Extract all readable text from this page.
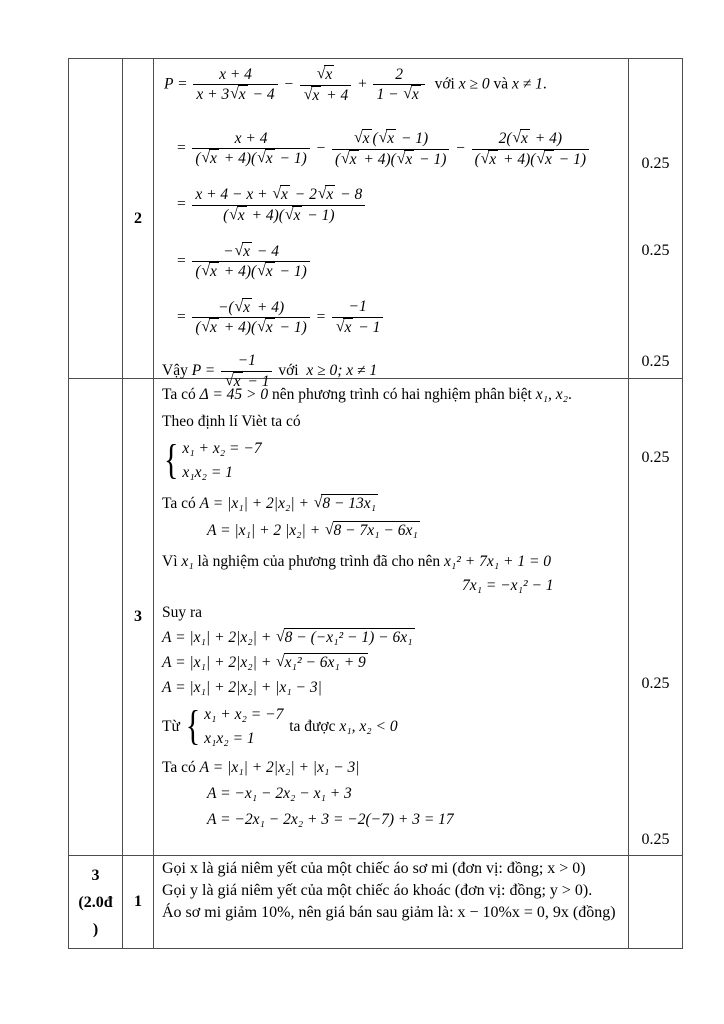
2
$P = \frac{x + 4}{x + 3√x - 4} - \frac{√x}{√x + 4} + \frac{2}{1 - √x}$ với x ≥ 0 và x ≠ 1.
= $\frac{x + 4}{(√x + 4)(√x - 1)} - \frac{√x (√x - 1)}{(√x + 4)(√x - 1)} - \frac{2(√x + 4)}{(√x + 4)(√x - 1)}$
= $\frac{x + 4 - x + √x - 2√x - 8}{(√x + 4)(√x - 1)}$
= $\frac{-√x - 4}{(√x + 4)(√x - 1)}$
= $\frac{-(√x + 4)}{(√x + 4)(√x - 1)} = \frac{-1}{√x - 1}$
Vậy $P = \frac{-1}{√x - 1}$ với  x ≥ 0; x ≠ 1
0.25
0.25
0.25
3
Ta có Δ = 45 > 0 nên phương trình có hai nghiệm phân biệt x₁, x₂.
Theo định lí Vièt ta có
{ x₁ + x₂ = −7
x₁x₂ = 1
Ta có A = |x₁| + 2|x₂| + √8 − 13x₁
A = |x₁| + 2 |x₂| + √8 − 7x₁ − 6x₁
Vì x₁ là nghiệm của phương trình đã cho nên x₁² + 7x₁ + 1 = 0
7x₁ = −x₁² − 1
Suy ra
A = |x₁| + 2|x₂| + √8 − (−x₁² − 1) − 6x₁
A = |x₁| + 2|x₂| + √x₁² − 6x₁ + 9
A = |x₁| + 2|x₂| + |x₁ − 3|
Từ { x₁ + x₂ = −7
x₁x₂ = 1
ta được x₁, x₂ < 0
Ta có A = |x₁| + 2|x₂| + |x₁ − 3|
A = −x₁ − 2x₂ − x₁ + 3
A = −2x₁ − 2x₂ + 3 = −2(−7) + 3 = 17
0.25
0.25
0.25
3
(2.0đ
)
1
Gọi x là giá niêm yết của một chiếc áo sơ mi (đơn vị: đồng; x > 0)
Gọi y là giá niêm yết của một chiếc áo khoác (đơn vị: đồng; y > 0).
Áo sơ mi giảm 10%, nên giá bán sau giảm là: x − 10%x = 0, 9x (đồng)
